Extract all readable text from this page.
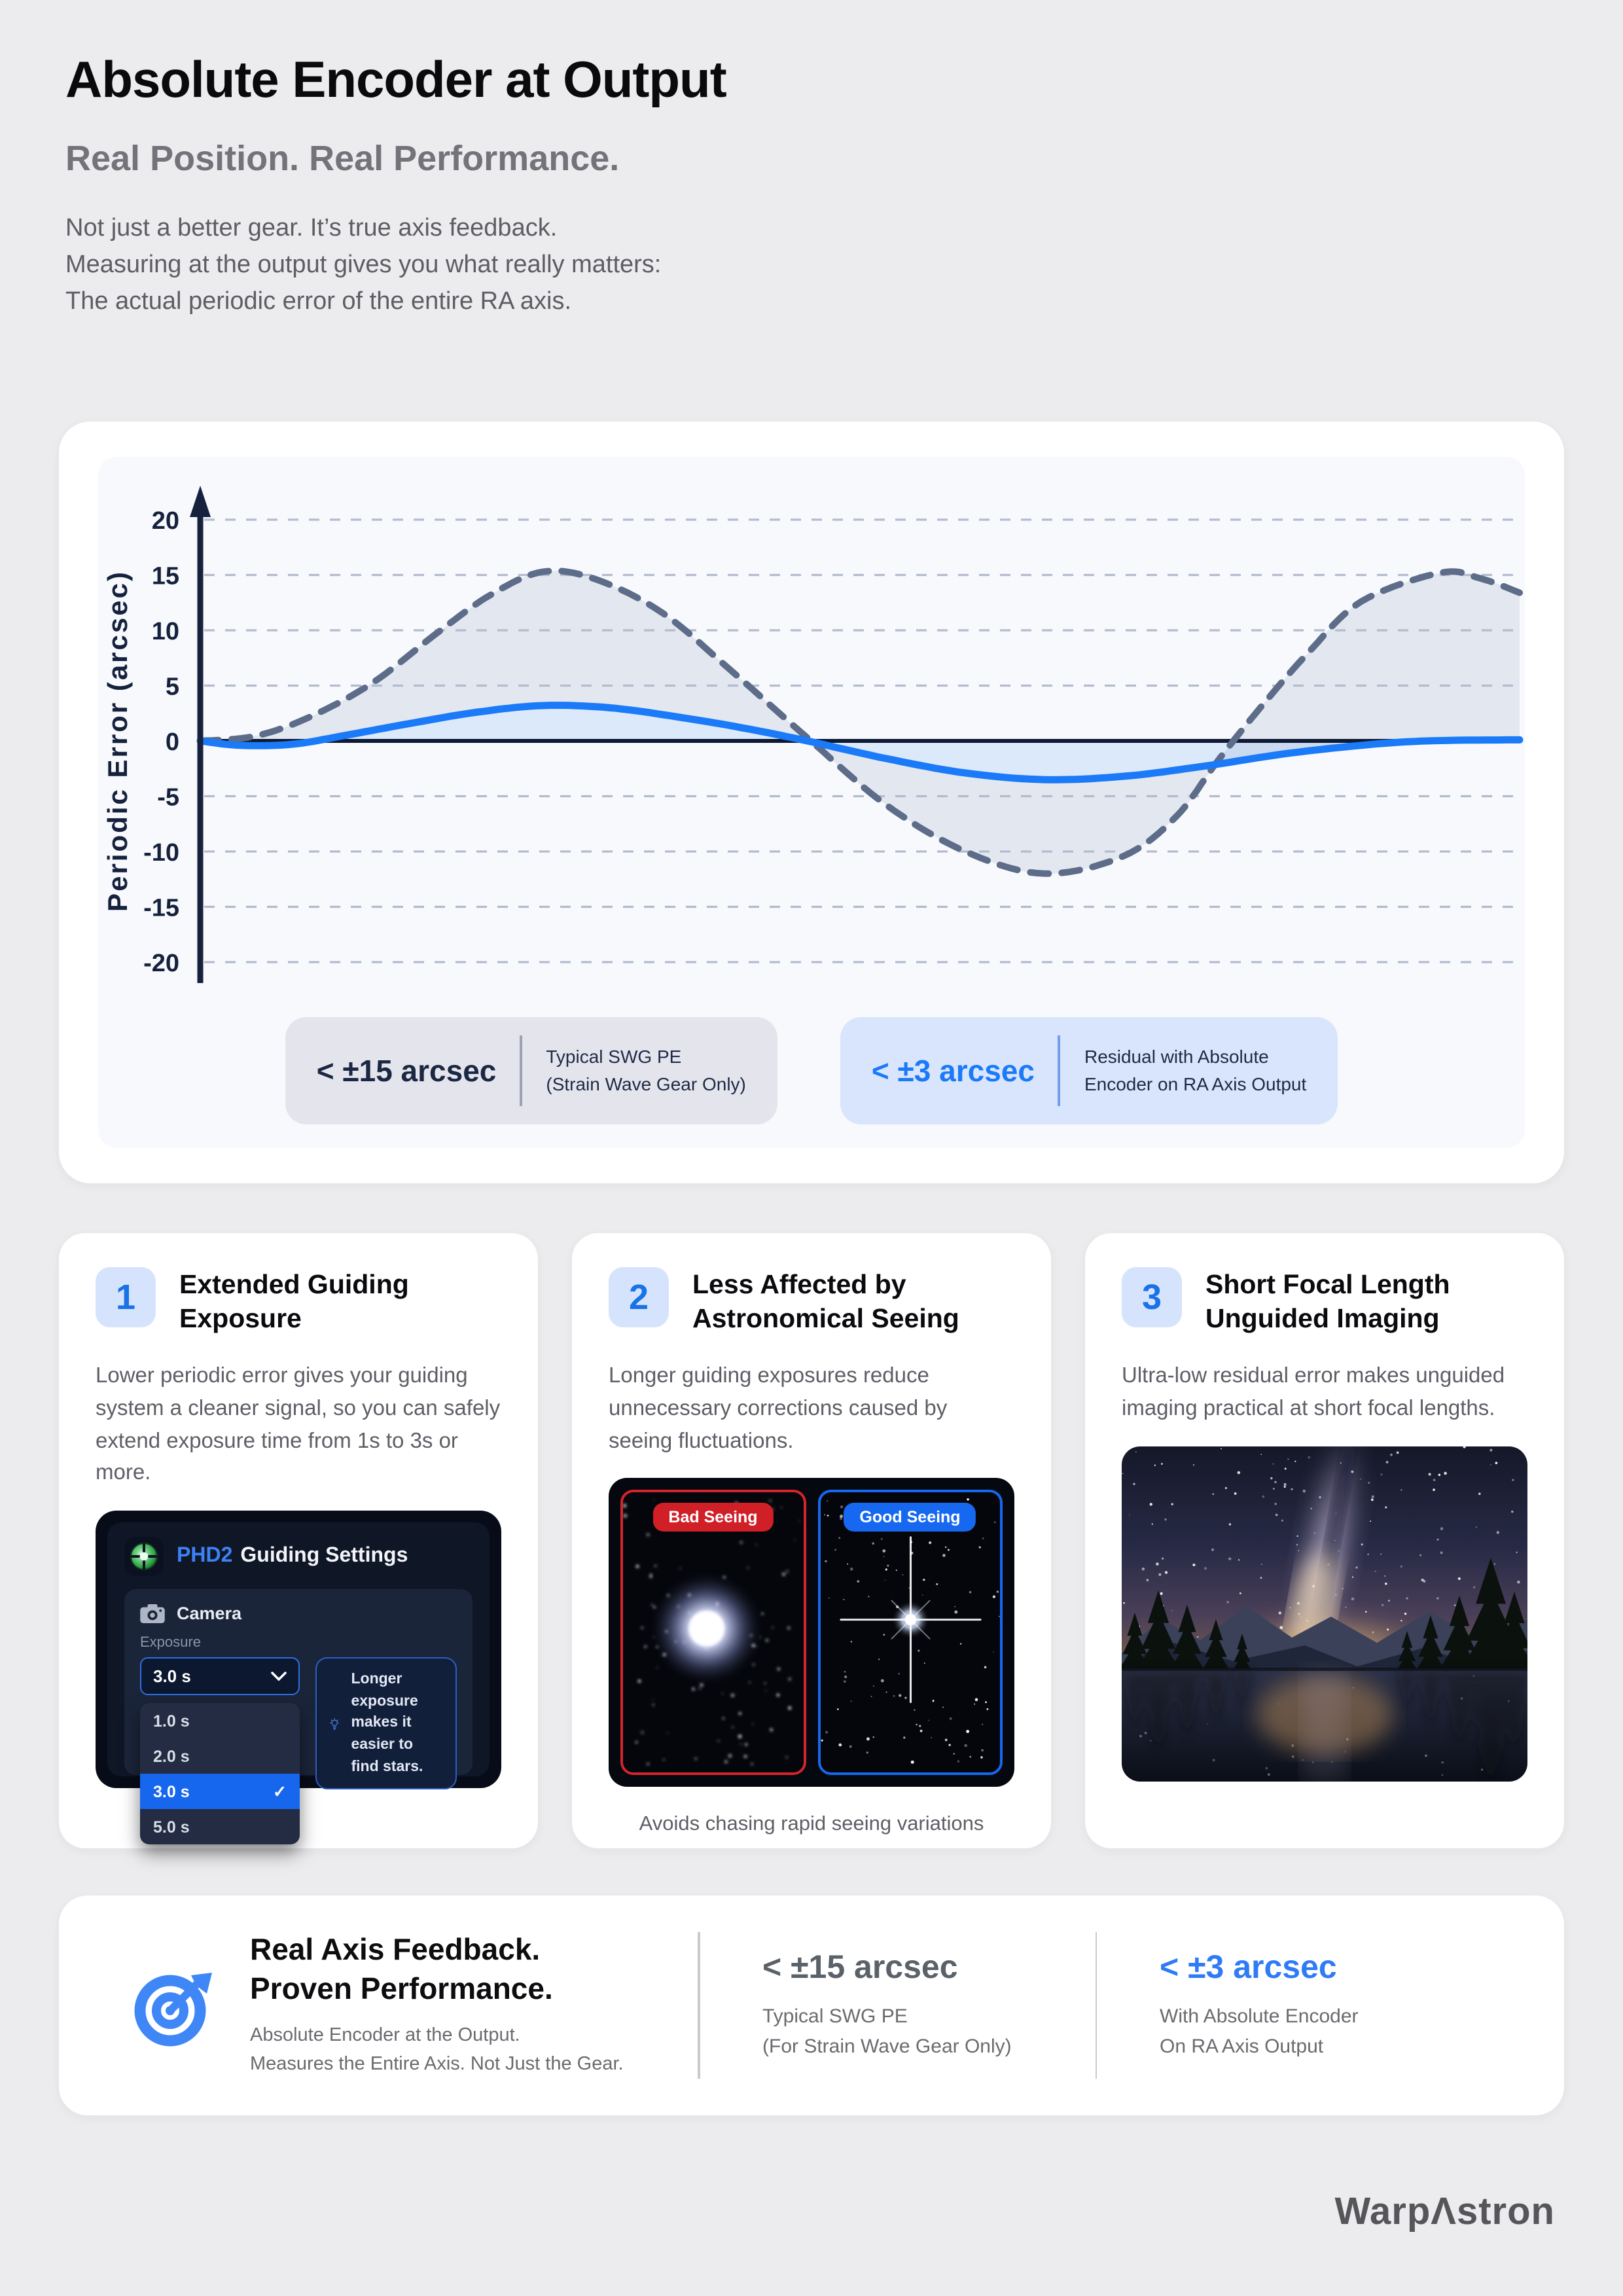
Absolute Encoder at Output
Real Position. Real Performance.
Not just a better gear. It’s true axis feedback.
Measuring at the output gives you what really matters:
The actual periodic error of the entire RA axis.
20
15
10
5
0
-5
-10
-15
-20
Periodic Error (arcsec)
< ±15 arcsec	Typical SWG PE
(Strain Wave Gear Only)	< ±3 arcsec	Residual with Absolute
Encoder on RA Axis Output
1	Extended Guiding Exposure

Lower periodic error gives your guiding system a cleaner signal, so you can safely extend exposure time from 1s to 3s or more.

PHD2 Guiding Settings
Camera
Exposure
3.0 s
1.0 s
2.0 s
3.0 s	✓
5.0 s
Longer exposure makes it easier to find stars.
2	Less Affected by Astronomical Seeing

Longer guiding exposures reduce unnecessary corrections caused by seeing fluctuations.

Bad Seeing	Good Seeing

Avoids chasing rapid seeing variations

3	Short Focal Length Unguided Imaging

Ultra-low residual error makes unguided imaging practical at short focal lengths.

Real Axis Feedback.
Proven Performance.
Absolute Encoder at the Output.
Measures the Entire Axis. Not Just the Gear.
< ±15 arcsec
Typical SWG PE
(For Strain Wave Gear Only)
< ±3 arcsec
With Absolute Encoder
On RA Axis Output
WarpΛstron
